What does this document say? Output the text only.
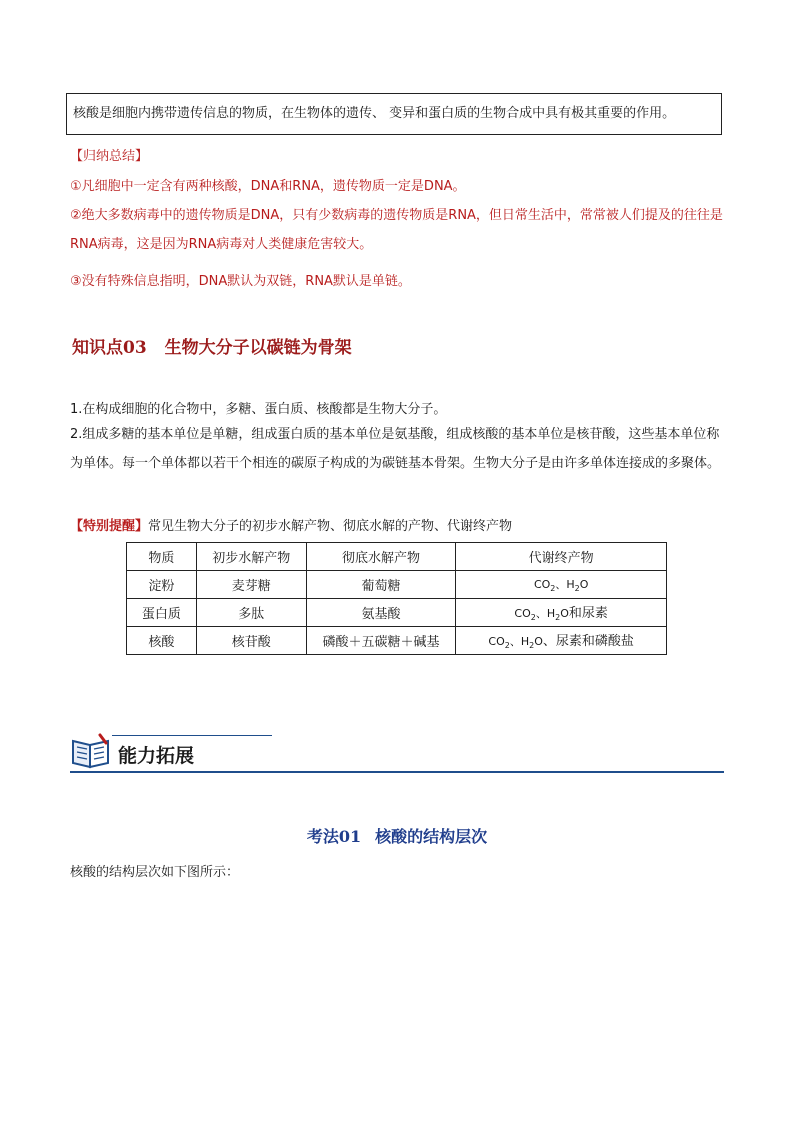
核酸是细胞内携带遗传信息的物质，在生物体的遗传、 变异和蛋白质的生物合成中具有极其重要的作用。
【归纳总结】
①凡细胞中一定含有两种核酸，DNA和RNA，遗传物质一定是DNA。
②绝大多数病毒中的遗传物质是DNA，只有少数病毒的遗传物质是RNA，但日常生活中，常常被人们提及的往往是RNA病毒，这是因为RNA病毒对人类健康危害较大。
③没有特殊信息指明，DNA默认为双链，RNA默认是单链。
知识点03 生物大分子以碳链为骨架
1.在构成细胞的化合物中，多糖、蛋白质、核酸都是生物大分子。
2.组成多糖的基本单位是单糖，组成蛋白质的基本单位是氨基酸，组成核酸的基本单位是核苷酸，这些基本单位称为单体。每一个单体都以若干个相连的碳原子构成的为碳链基本骨架。生物大分子是由许多单体连接成的多聚体。
【特别提醒】常见生物大分子的初步水解产物、彻底水解的产物、代谢终产物
物质	初步水解产物	彻底水解产物	代谢终产物
淀粉	麦芽糖	葡萄糖	$CO_2$、$H_2O$
蛋白质	多肽	氨基酸	$CO_2$、$H_2O$和尿素
核酸	核苷酸	磷酸＋五碳糖＋碱基	$CO_2$、$H_2O$、尿素和磷酸盐
能力拓展
考法01 核酸的结构层次
核酸的结构层次如下图所示：
